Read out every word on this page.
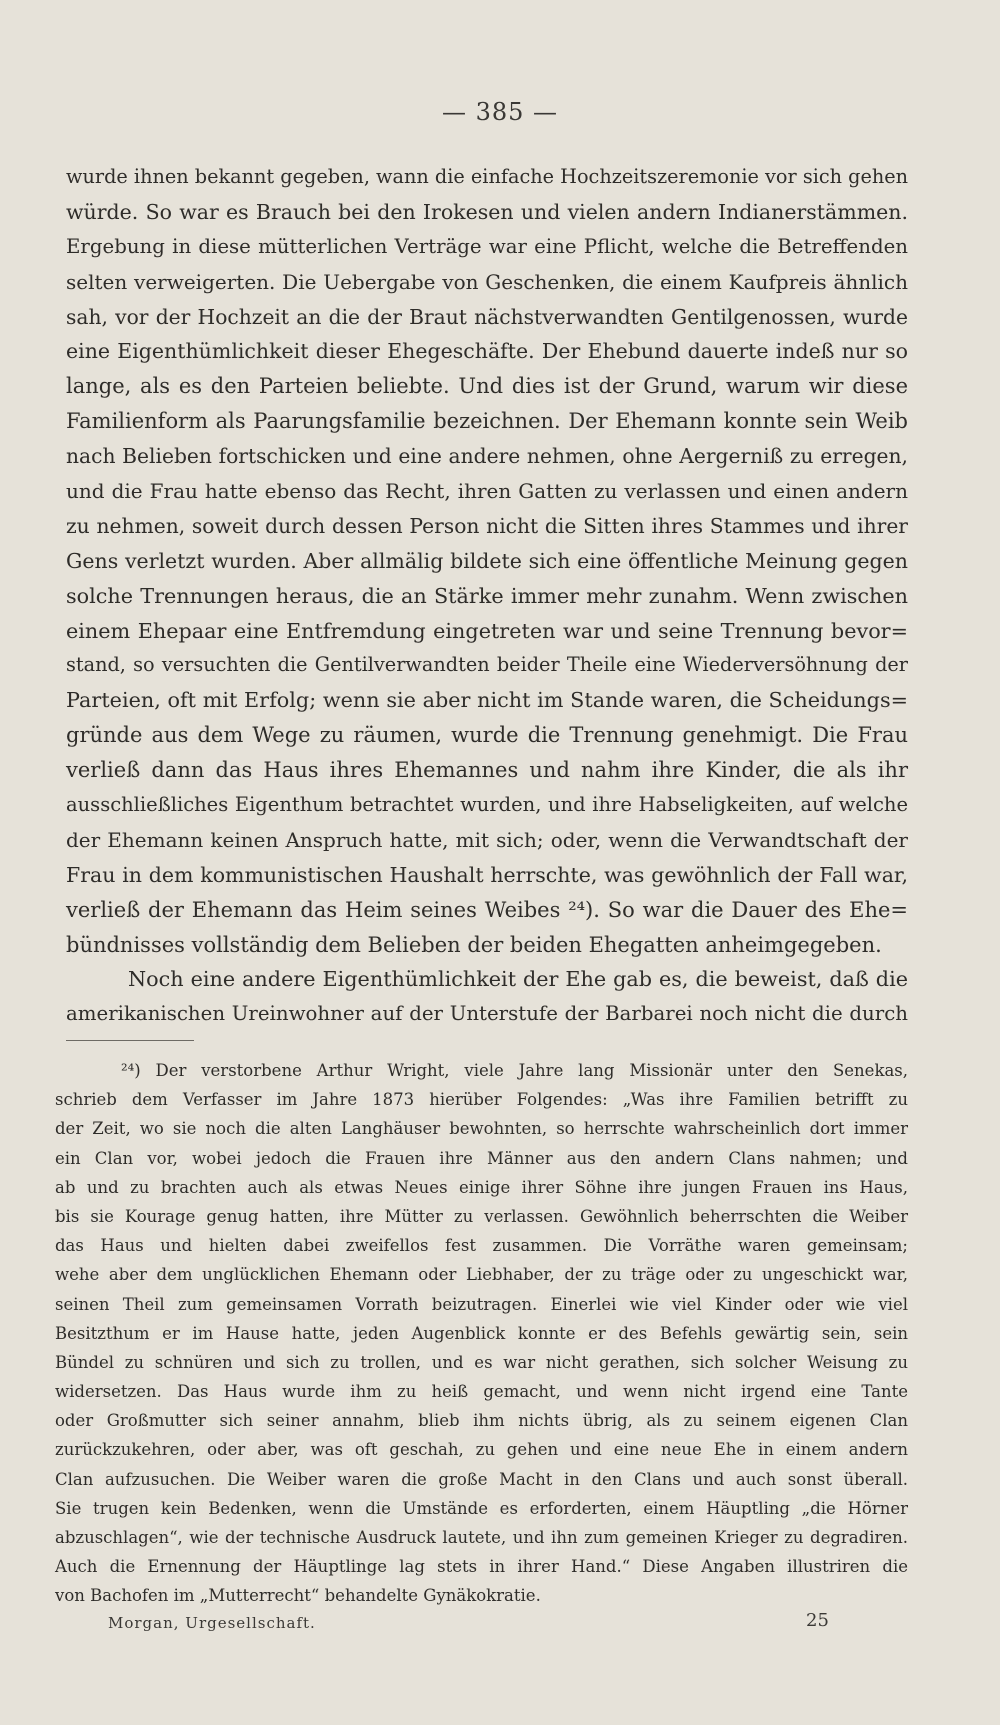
— 385 —
wurde ihnen bekannt gegeben, wann die einfache Hochzeitszeremonie vor sich gehen
würde. So war es Brauch bei den Irokesen und vielen andern Indianerstämmen.
Ergebung in diese mütterlichen Verträge war eine Pflicht, welche die Betreffenden
selten verweigerten. Die Uebergabe von Geschenken, die einem Kaufpreis ähnlich
sah, vor der Hochzeit an die der Braut nächstverwandten Gentilgenossen, wurde
eine Eigenthümlichkeit dieser Ehegeschäfte. Der Ehebund dauerte indeß nur so
lange, als es den Parteien beliebte. Und dies ist der Grund, warum wir diese
Familienform als Paarungsfamilie bezeichnen. Der Ehemann konnte sein Weib
nach Belieben fortschicken und eine andere nehmen, ohne Aergerniß zu erregen,
und die Frau hatte ebenso das Recht, ihren Gatten zu verlassen und einen andern
zu nehmen, soweit durch dessen Person nicht die Sitten ihres Stammes und ihrer
Gens verletzt wurden. Aber allmälig bildete sich eine öffentliche Meinung gegen
solche Trennungen heraus, die an Stärke immer mehr zunahm. Wenn zwischen
einem Ehepaar eine Entfremdung eingetreten war und seine Trennung bevor=
stand, so versuchten die Gentilverwandten beider Theile eine Wiederversöhnung der
Parteien, oft mit Erfolg; wenn sie aber nicht im Stande waren, die Scheidungs=
gründe aus dem Wege zu räumen, wurde die Trennung genehmigt. Die Frau
verließ dann das Haus ihres Ehemannes und nahm ihre Kinder, die als ihr
ausschließliches Eigenthum betrachtet wurden, und ihre Habseligkeiten, auf welche
der Ehemann keinen Anspruch hatte, mit sich; oder, wenn die Verwandtschaft der
Frau in dem kommunistischen Haushalt herrschte, was gewöhnlich der Fall war,
verließ der Ehemann das Heim seines Weibes ²⁴). So war die Dauer des Ehe=
bündnisses vollständig dem Belieben der beiden Ehegatten anheimgegeben.
Noch eine andere Eigenthümlichkeit der Ehe gab es, die beweist, daß die
amerikanischen Ureinwohner auf der Unterstufe der Barbarei noch nicht die durch
²⁴) Der verstorbene Arthur Wright, viele Jahre lang Missionär unter den Senekas,
schrieb dem Verfasser im Jahre 1873 hierüber Folgendes: „Was ihre Familien betrifft zu
der Zeit, wo sie noch die alten Langhäuser bewohnten, so herrschte wahrscheinlich dort immer
ein Clan vor, wobei jedoch die Frauen ihre Männer aus den andern Clans nahmen; und
ab und zu brachten auch als etwas Neues einige ihrer Söhne ihre jungen Frauen ins Haus,
bis sie Kourage genug hatten, ihre Mütter zu verlassen. Gewöhnlich beherrschten die Weiber
das Haus und hielten dabei zweifellos fest zusammen. Die Vorräthe waren gemeinsam;
wehe aber dem unglücklichen Ehemann oder Liebhaber, der zu träge oder zu ungeschickt war,
seinen Theil zum gemeinsamen Vorrath beizutragen. Einerlei wie viel Kinder oder wie viel
Besitzthum er im Hause hatte, jeden Augenblick konnte er des Befehls gewärtig sein, sein
Bündel zu schnüren und sich zu trollen, und es war nicht gerathen, sich solcher Weisung zu
widersetzen. Das Haus wurde ihm zu heiß gemacht, und wenn nicht irgend eine Tante
oder Großmutter sich seiner annahm, blieb ihm nichts übrig, als zu seinem eigenen Clan
zurückzukehren, oder aber, was oft geschah, zu gehen und eine neue Ehe in einem andern
Clan aufzusuchen. Die Weiber waren die große Macht in den Clans und auch sonst überall.
Sie trugen kein Bedenken, wenn die Umstände es erforderten, einem Häuptling „die Hörner
abzuschlagen“, wie der technische Ausdruck lautete, und ihn zum gemeinen Krieger zu degradiren.
Auch die Ernennung der Häuptlinge lag stets in ihrer Hand.“ Diese Angaben illustriren die
von Bachofen im „Mutterrecht“ behandelte Gynäkokratie.
Morgan, Urgesellschaft.	25
